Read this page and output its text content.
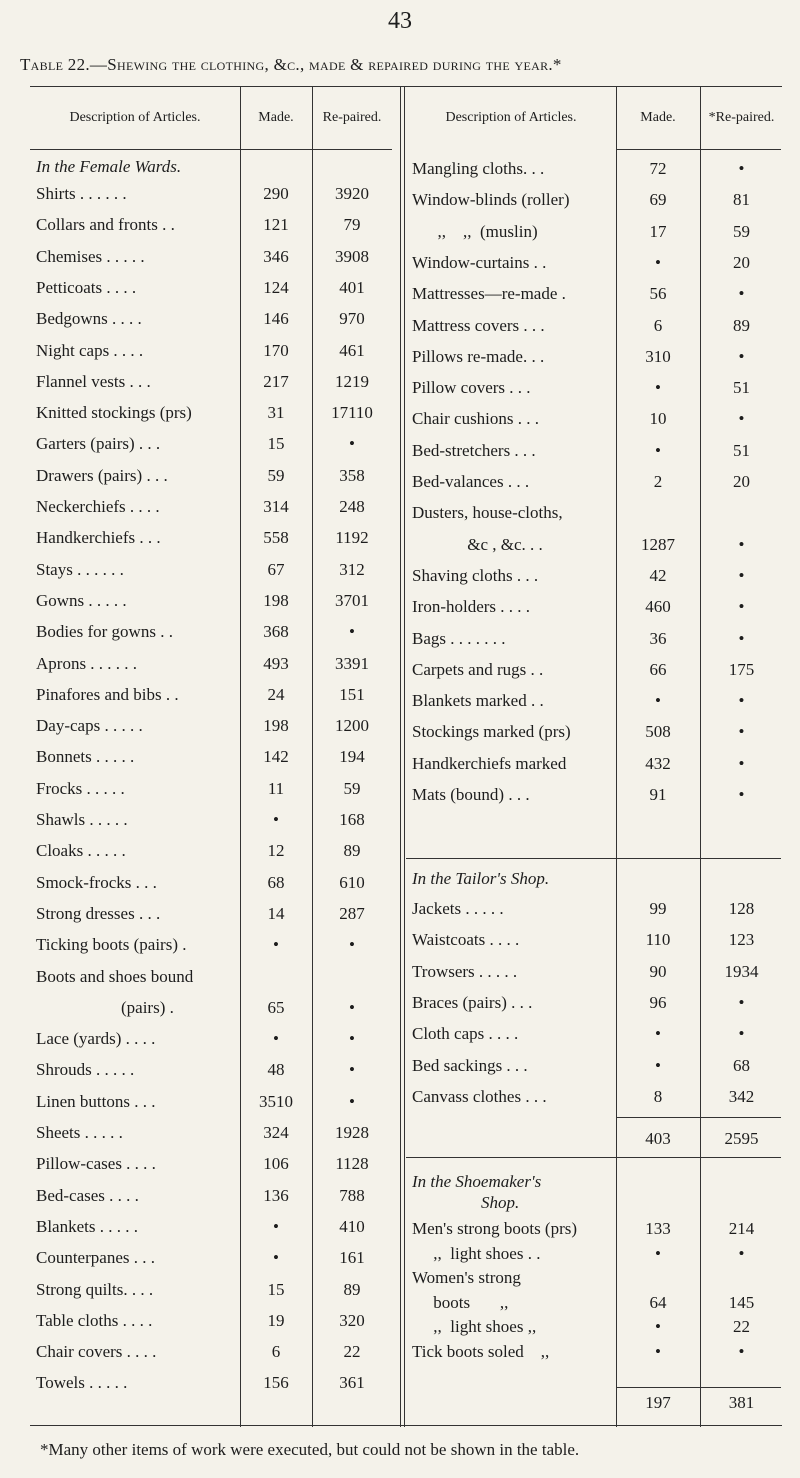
43
Table 22.—Shewing the clothing, &c., made & repaired during the year.*
Description of Articles.	Made.	Re-paired.
In the Female Wards.
Shirts . . . . . .	290	3920
Collars and fronts . .	121	79
Chemises . . . . .	346	3908
Petticoats . . . .	124	401
Bedgowns . . . .	146	970
Night caps . . . .	170	461
Flannel vests . . .	217	1219
Knitted stockings (prs)	31	17110
Garters (pairs) . . .	15	•
Drawers (pairs) . . .	59	358
Neckerchiefs . . . .	314	248
Handkerchiefs . . .	558	1192
Stays . . . . . .	67	312
Gowns . . . . .	198	3701
Bodies for gowns . .	368	•
Aprons . . . . . .	493	3391
Pinafores and bibs . .	24	151
Day-caps . . . . .	198	1200
Bonnets . . . . .	142	194
Frocks . . . . .	11	59
Shawls . . . . .	•	168
Cloaks . . . . .	12	89
Smock-frocks . . .	68	610
Strong dresses . . .	14	287
Ticking boots (pairs) .	•	•
Boots and shoes bound
(pairs) .	65	•
Lace (yards) . . . .	•	•
Shrouds . . . . .	48	•
Linen buttons . . .	3510	•
Sheets . . . . .	324	1928
Pillow-cases . . . .	106	1128
Bed-cases . . . .	136	788
Blankets . . . . .	•	410
Counterpanes . . .	•	161
Strong quilts. . . .	15	89
Table cloths . . . .	19	320
Chair covers . . . .	6	22
Towels . . . . .	156	361
Description of Articles.	Made.	*Re-paired.
Mangling cloths. . .	72	•
Window-blinds (roller)	69	81
,,    ,,  (muslin)	17	59
Window-curtains . .	•	20
Mattresses—re-made .	56	•
Mattress covers . . .	6	89
Pillows re-made. . .	310	•
Pillow covers . . .	•	51
Chair cushions . . .	10	•
Bed-stretchers . . .	•	51
Bed-valances . . .	2	20
Dusters, house-cloths,
&c , &c. . .	1287	•
Shaving cloths . . .	42	•
Iron-holders . . . .	460	•
Bags . . . . . . .	36	•
Carpets and rugs . .	66	175
Blankets marked . .	•	•
Stockings marked (prs)	508	•
Handkerchiefs marked	432	•
Mats (bound) . . .	91	•
In the Tailor's Shop.
Jackets . . . . .	99	128
Waistcoats . . . .	110	123
Trowsers . . . . .	90	1934
Braces (pairs) . . .	96	•
Cloth caps . . . .	•	•
Bed sackings . . .	•	68
Canvass clothes . . .	8	342
403	2595
In the Shoemaker's
Shop.
Men's strong boots (prs)	133	214
,,  light shoes . .	•	•
Women's strong
boots       ,,	64	145
,,  light shoes ,,	•	22
Tick boots soled    ,,	•	•
197	381
*Many other items of work were executed, but could not be shown in the table.
